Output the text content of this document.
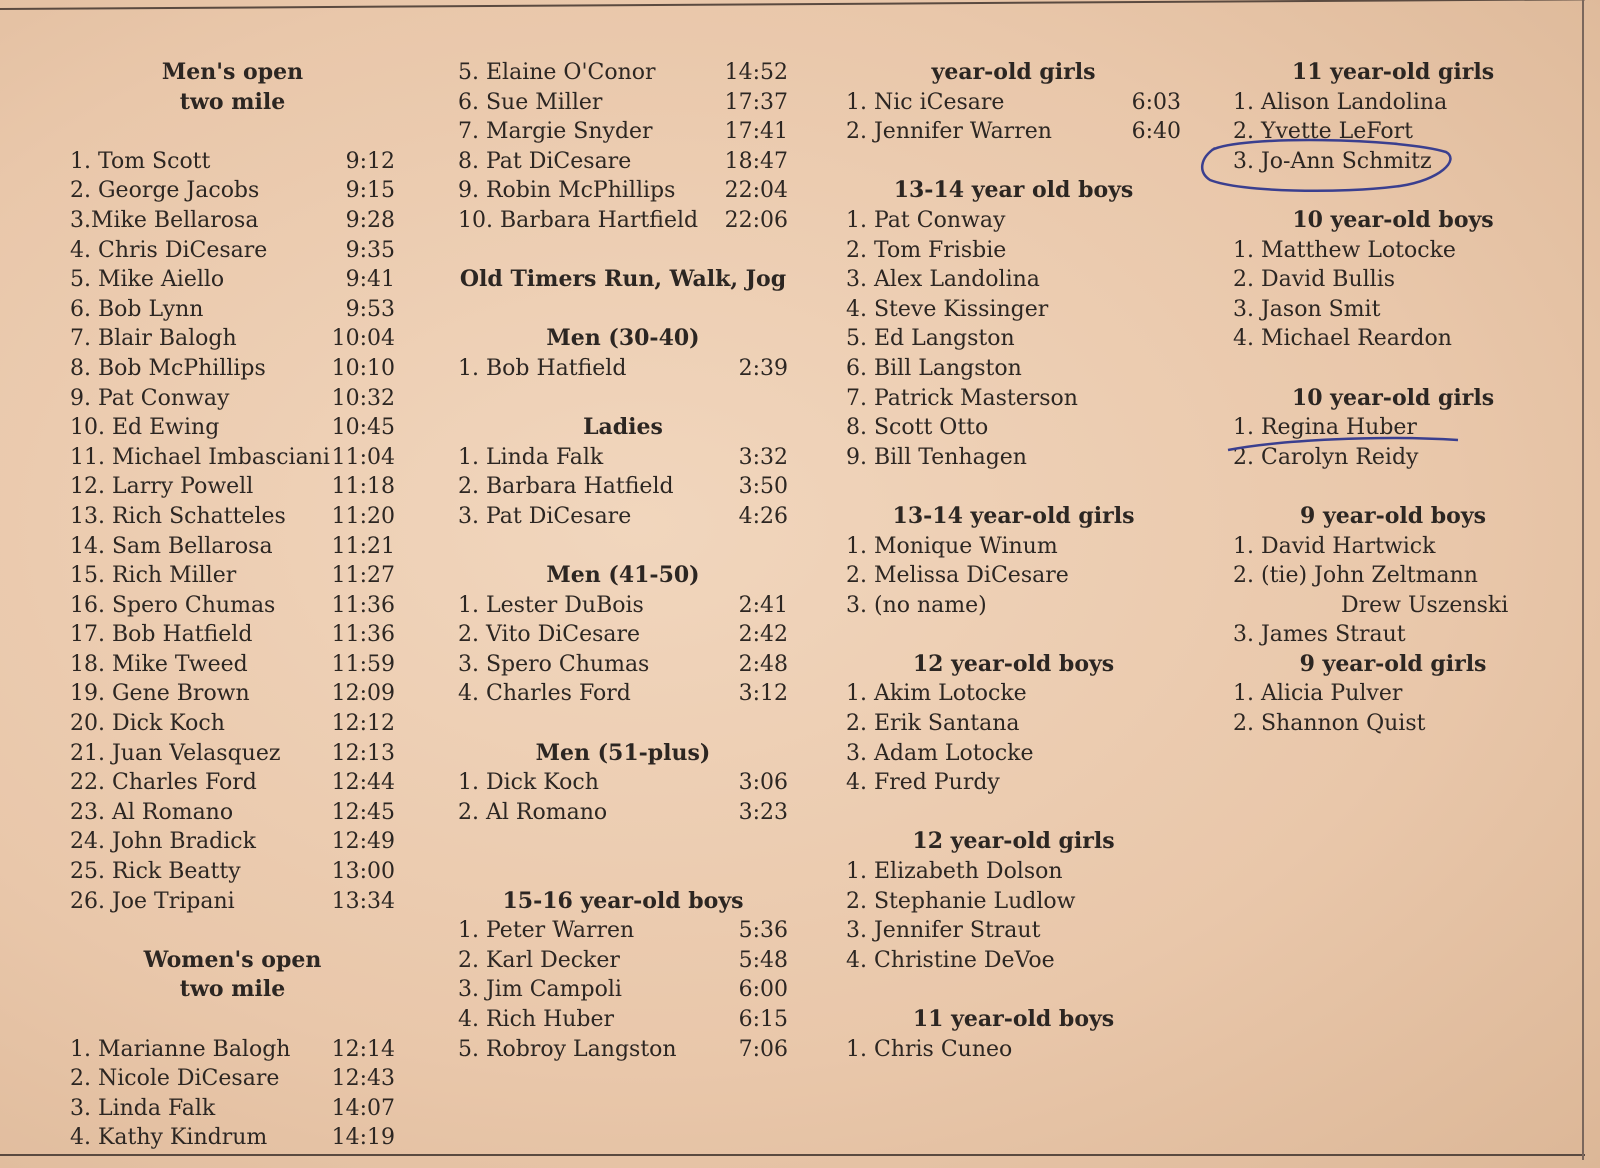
Men's open
two mile
1. Tom Scott	9:12
2. George Jacobs	9:15
3.Mike Bellarosa	9:28
4. Chris DiCesare	9:35
5. Mike Aiello	9:41
6. Bob Lynn	9:53
7. Blair Balogh	10:04
8. Bob McPhillips	10:10
9. Pat Conway	10:32
10. Ed Ewing	10:45
11. Michael Imbasciani 11:04
12. Larry Powell	11:18
13. Rich Schatteles 11:20
14. Sam Bellarosa	11:21
15. Rich Miller	11:27
16. Spero Chumas	11:36
17. Bob Hatfield	11:36
18. Mike Tweed	11:59
19. Gene Brown	12:09
20. Dick Koch	12:12
21. Juan Velasquez 12:13
22. Charles Ford	12:44
23. Al Romano	12:45
24. John Bradick	12:49
25. Rick Beatty	13:00
26. Joe Tripani	13:34
Women's open
two mile
1. Marianne Balogh 12:14
2. Nicole DiCesare 12:43
3. Linda Falk	14:07
4. Kathy Kindrum	14:19
5. Elaine O'Conor	14:52
6. Sue Miller	17:37
7. Margie Snyder	17:41
8. Pat DiCesare	18:47
9. Robin McPhillips 22:04
10. Barbara Hartfield 22:06
Old Timers Run, Walk, Jog
Men (30-40)
1. Bob Hatfield	2:39
Ladies
1. Linda Falk	3:32
2. Barbara Hatfield	3:50
3. Pat DiCesare	4:26
Men (41-50)
1. Lester DuBois	2:41
2. Vito DiCesare	2:42
3. Spero Chumas	2:48
4. Charles Ford	3:12
Men (51-plus)
1. Dick Koch	3:06
2. Al Romano	3:23
15-16 year-old boys
1. Peter Warren	5:36
2. Karl Decker	5:48
3. Jim Campoli	6:00
4. Rich Huber	6:15
5. Robroy Langston	7:06
year-old girls
1. Nic iCesare	6:03
2. Jennifer Warren	6:40
13-14 year old boys
1. Pat Conway
2. Tom Frisbie
3. Alex Landolina
4. Steve Kissinger
5. Ed Langston
6. Bill Langston
7. Patrick Masterson
8. Scott Otto
9. Bill Tenhagen
13-14 year-old girls
1. Monique Winum
2. Melissa DiCesare
3. (no name)
12 year-old boys
1. Akim Lotocke
2. Erik Santana
3. Adam Lotocke
4. Fred Purdy
12 year-old girls
1. Elizabeth Dolson
2. Stephanie Ludlow
3. Jennifer Straut
4. Christine DeVoe
11 year-old boys
1. Chris Cuneo
11 year-old girls
1. Alison Landolina
2. Yvette LeFort
3. Jo-Ann Schmitz
10 year-old boys
1. Matthew Lotocke
2. David Bullis
3. Jason Smit
4. Michael Reardon
10 year-old girls
1. Regina Huber
2. Carolyn Reidy
9 year-old boys
1. David Hartwick
2. (tie) John Zeltmann
Drew Uszenski
3. James Straut
9 year-old girls
1. Alicia Pulver
2. Shannon Quist
